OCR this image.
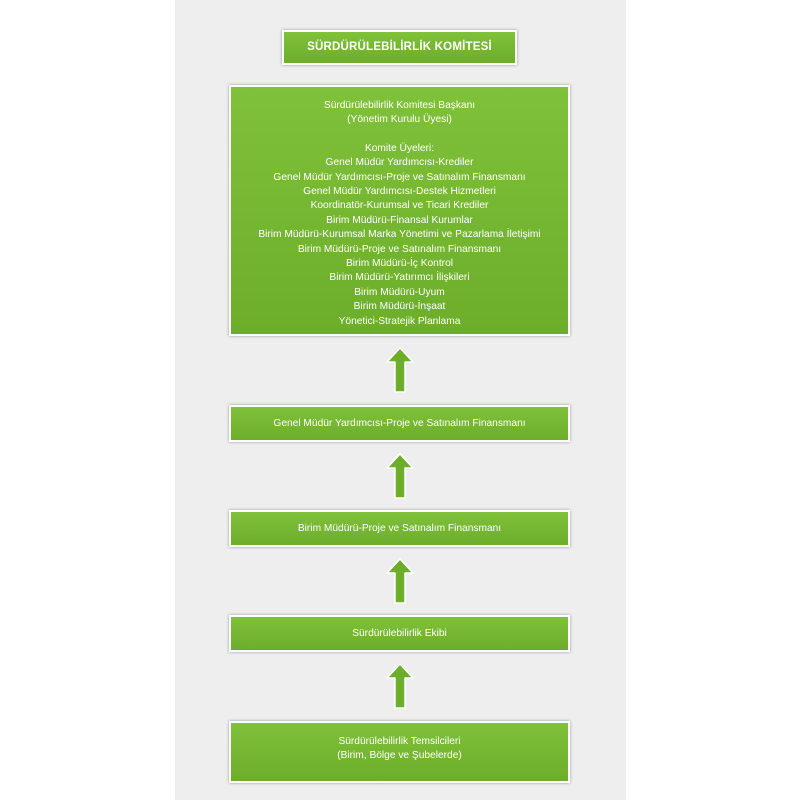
SÜRDÜRÜLEBİLİRLİK KOMİTESİ
Sürdürülebilirlik Komitesi Başkanı
(Yönetim Kurulu Üyesi)
Komite Üyeleri:
Genel Müdür Yardımcısı-Krediler
Genel Müdür Yardımcısı-Proje ve Satınalım Finansmanı
Genel Müdür Yardımcısı-Destek Hizmetleri
Koordinatör-Kurumsal ve Ticari Krediler
Birim Müdürü-Finansal Kurumlar
Birim Müdürü-Kurumsal Marka Yönetimi ve Pazarlama İletişimi
Birim Müdürü-Proje ve Satınalım Finansmanı
Birim Müdürü-İç Kontrol
Birim Müdürü-Yatırımcı İlişkileri
Birim Müdürü-Uyum
Birim Müdürü-İnşaat
Yönetici-Stratejik Planlama
Genel Müdür Yardımcısı-Proje ve Satınalım Finansmanı
Birim Müdürü-Proje ve Satınalım Finansmanı
Sürdürülebilirlik Ekibi
Sürdürülebilirlik Temsilcileri
(Birim, Bölge ve Şubelerde)
